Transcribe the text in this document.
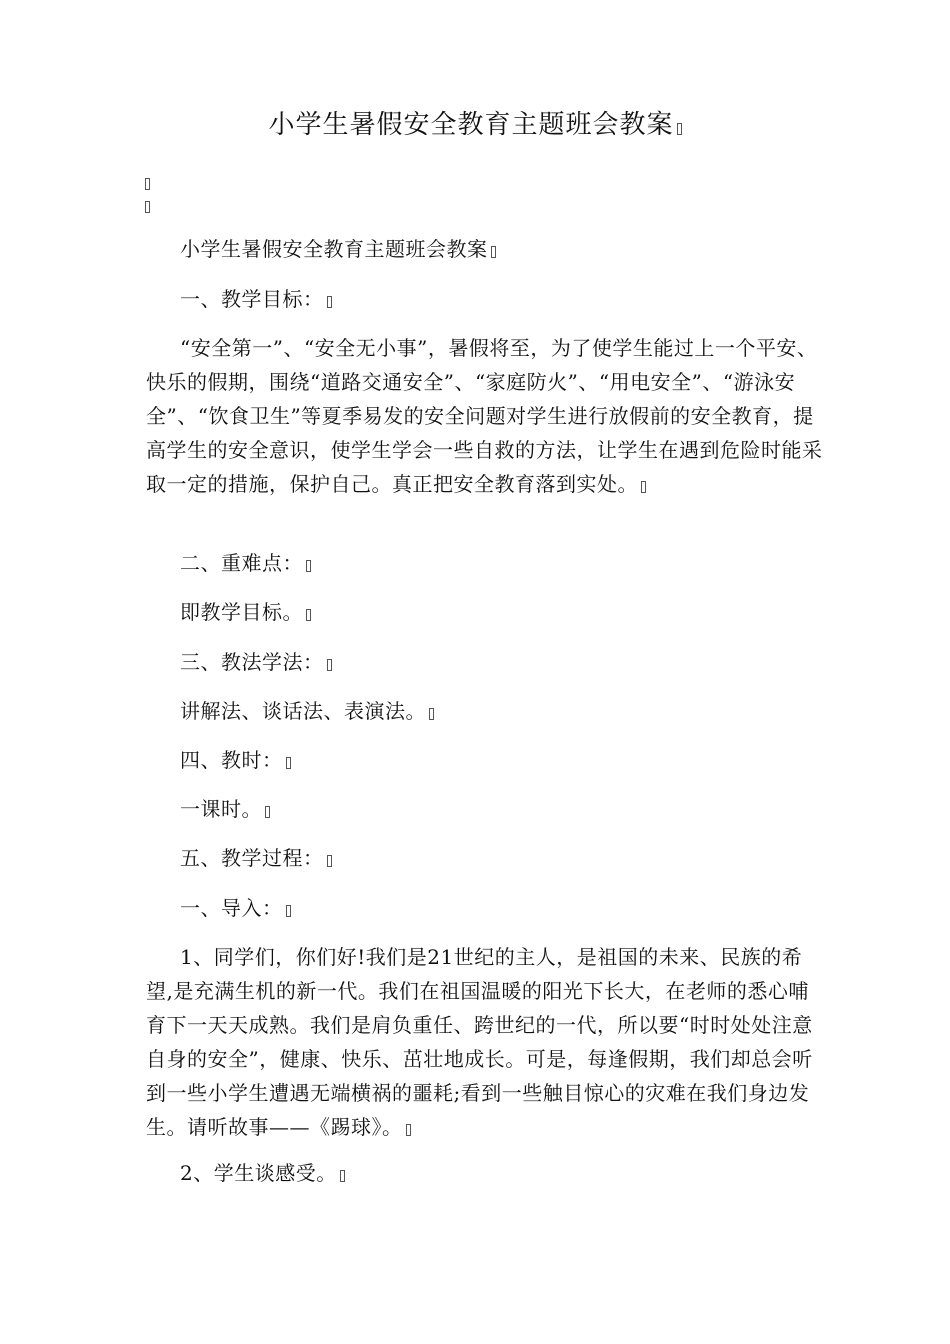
小学生暑假安全教育主题班会教案

小学生暑假安全教育主题班会教案

一、教学目标：

“安全第一”、“安全无小事”，暑假将至，为了使学生能过上一个平安、快乐的假期，围绕“道路交通安全”、“家庭防火”、“用电安全”、“游泳安全”、“饮食卫生”等夏季易发的安全问题对学生进行放假前的安全教育，提高学生的安全意识，使学生学会一些自救的方法，让学生在遇到危险时能采取一定的措施，保护自己。真正把安全教育落到实处。

二、重难点：

即教学目标。

三、教法学法：

讲解法、谈话法、表演法。

四、教时：

一课时。

五、教学过程：

一、导入：

1、同学们，你们好!我们是21世纪的主人，是祖国的未来、民族的希望,是充满生机的新一代。我们在祖国温暖的阳光下长大，在老师的悉心哺育下一天天成熟。我们是肩负重任、跨世纪的一代，所以要“时时处处注意自身的安全”，健康、快乐、茁壮地成长。可是，每逢假期，我们却总会听到一些小学生遭遇无端横祸的噩耗;看到一些触目惊心的灾难在我们身边发生。请听故事——《踢球》。

2、学生谈感受。
